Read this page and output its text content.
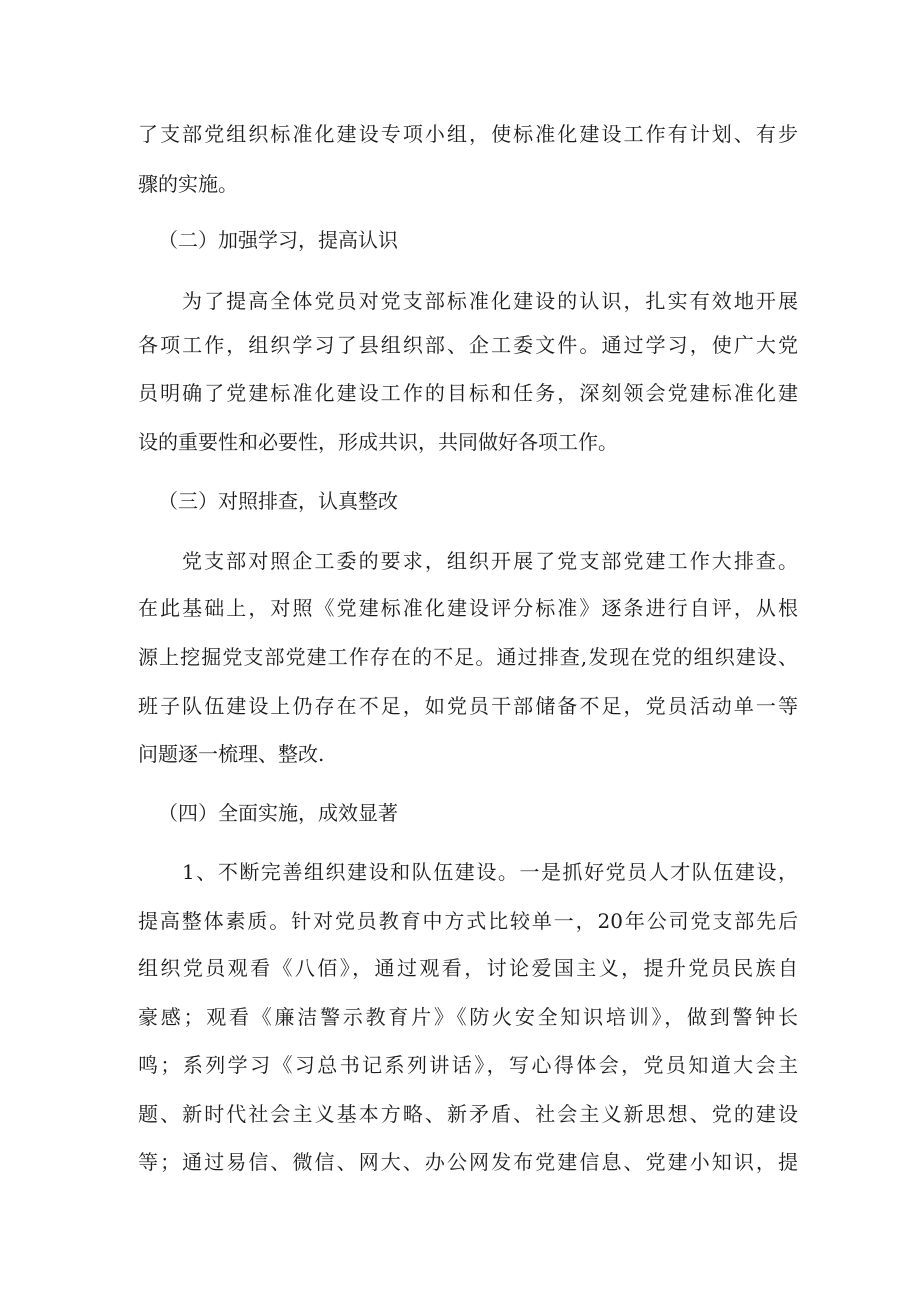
了支部党组织标准化建设专项小组，使标准化建设工作有计划、有步
骤的实施。
（二）加强学习，提高认识
为了提高全体党员对党支部标准化建设的认识，扎实有效地开展
各项工作，组织学习了县组织部、企工委文件。通过学习，使广大党
员明确了党建标准化建设工作的目标和任务，深刻领会党建标准化建
设的重要性和必要性，形成共识，共同做好各项工作。
（三）对照排查，认真整改
党支部对照企工委的要求，组织开展了党支部党建工作大排查。
在此基础上，对照《党建标准化建设评分标准》逐条进行自评，从根
源上挖掘党支部党建工作存在的不足。通过排查,发现在党的组织建设、
班子队伍建设上仍存在不足，如党员干部储备不足，党员活动单一等
问题逐一梳理、整改.
（四）全面实施，成效显著
1、不断完善组织建设和队伍建设。一是抓好党员人才队伍建设，
提高整体素质。针对党员教育中方式比较单一，20年公司党支部先后
组织党员观看《八佰》，通过观看，讨论爱国主义，提升党员民族自
豪感；观看《廉洁警示教育片》《防火安全知识培训》，做到警钟长
鸣；系列学习《习总书记系列讲话》，写心得体会，党员知道大会主
题、新时代社会主义基本方略、新矛盾、社会主义新思想、党的建设
等；通过易信、微信、网大、办公网发布党建信息、党建小知识，提
